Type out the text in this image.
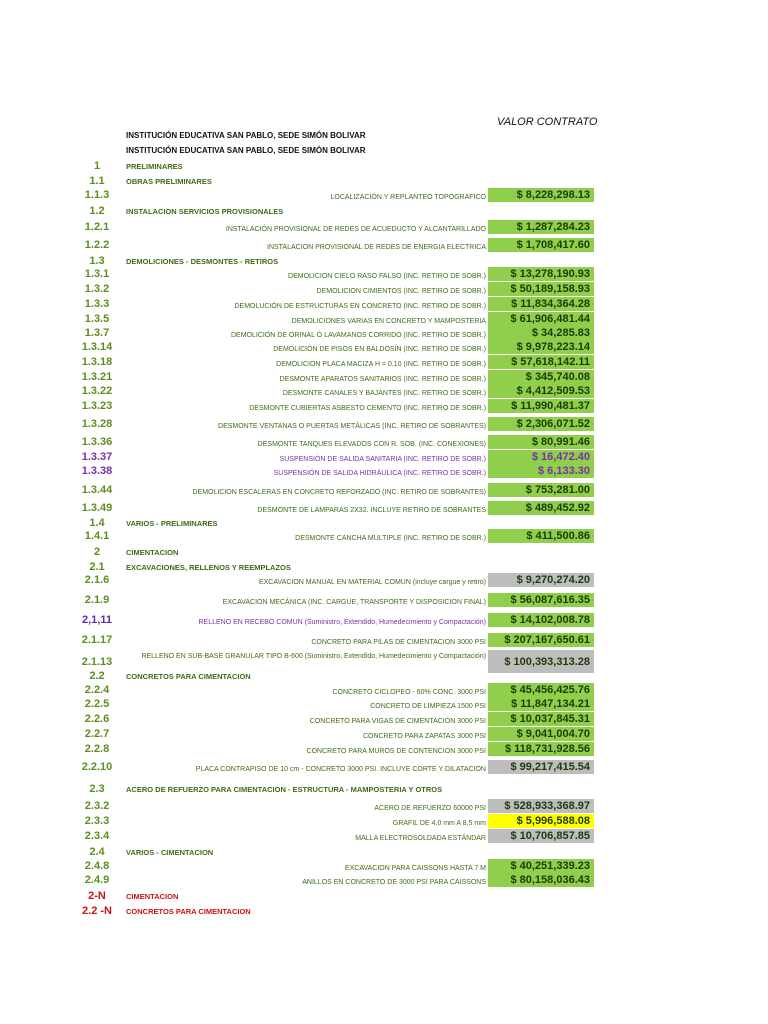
VALOR CONTRATO
INSTITUCIÓN EDUCATIVA SAN PABLO, SEDE SIMÓN BOLIVAR
INSTITUCIÓN EDUCATIVA SAN PABLO, SEDE SIMÓN BOLIVAR
1	PRELIMINARES
1.1	OBRAS PRELIMINARES
1.1.3	LOCALIZACIÓN Y REPLANTEO TOPOGRAFICO	$ 8,228,298.13
1.2	INSTALACION SERVICIOS PROVISIONALES
1.2.1	INSTALACIÓN PROVISIONAL DE REDES DE ACUEDUCTO Y ALCANTARILLADO	$ 1,287,284.23
1.2.2	INSTALACION PROVISIONAL DE REDES DE ENERGIA ELECTRICA	$ 1,708,417.60
1.3	DEMOLICIONES - DESMONTES - RETIROS
1.3.1	DEMOLICION CIELO RASO FALSO (INC. RETIRO DE SOBR.)	$ 13,278,190.93
1.3.2	DEMOLICION CIMIENTOS (INC. RETIRO DE SOBR.)	$ 50,189,158.93
1.3.3	DEMOLUCIÓN DE ESTRUCTURAS EN CONCRETO (INC. RETIRO DE SOBR.)	$ 11,834,364.28
1.3.5	DEMOLICIONES VARIAS EN CONCRETO Y MAMPOSTERIA	$ 61,906,481.44
1.3.7	DEMOLICIÓN DE ORINAL Ó LAVAMANOS CORRIDO (INC. RETIRO DE SOBR.)	$ 34,285.83
1.3.14	DEMOLICIÓN DE PISOS EN BALDOSÍN (INC. RETIRO DE SOBR.)	$ 9,978,223.14
1.3.18	DEMOLICION PLACA MACIZA H = 0.10 (INC. RETIRO DE SOBR.)	$ 57,618,142.11
1.3.21	DESMONTE APARATOS SANITARIOS (INC. RETIRO DE SOBR.)	$ 345,740.08
1.3.22	DESMONTE CANALES Y BAJANTES (INC. RETIRO DE SOBR.)	$ 4,412,509.53
1.3.23	DESMONTE CUBIERTAS ASBESTO CEMENTO (INC. RETIRO DE SOBR.)	$ 11,990,481.37
1.3.28	DESMONTE VENTANAS O PUERTAS METÁLICAS (INC. RETIRO DE SOBRANTES)	$ 2,306,071.52
1.3.36	DESMONTE TANQUES ELEVADOS CON R. SOB. (INC. CONEXIONES)	$ 80,991.46
1.3.37	SUSPENSIÓN DE SALIDA SANITARIA (INC. RETIRO DE SOBR.)	$ 16,472.40
1.3.38	SUSPENSIÓN DE SALIDA HIDRÁULICA (INC. RETIRO DE SOBR.)	$ 6,133.30
1.3.44	DEMOLICION ESCALERAS EN CONCRETO REFORZADO (INC. RETIRO DE SOBRANTES)	$ 753,281.00
1.3.49	DESMONTE DE LAMPARAS 2X32. INCLUYE RETIRO DE SOBRANTES	$ 489,452.92
1.4	VARIOS - PRELIMINARES
1.4.1	DESMONTE CANCHA MULTIPLE (INC. RETIRO DE SOBR.)	$ 411,500.86
2	CIMENTACION
2.1	EXCAVACIONES, RELLENOS Y REEMPLAZOS
2.1.6	EXCAVACION MANUAL EN MATERIAL COMUN (incluye cargue y retiro)	$ 9,270,274.20
2.1.9	EXCAVACION MECÁNICA (INC. CARGUE, TRANSPORTE Y DISPOSICION FINAL)	$ 56,087,616.35
2,1,11	RELLENO EN RECEBO COMUN (Suministro, Extendido, Humedecimiento y Compactación)	$ 14,102,008.78
2.1.17	CONCRETO PARA PILAS DE CIMENTACION 3000 PSI	$ 207,167,650.61
2.1.13	RELLENO EN SUB-BASE GRANULAR TIPO B-600 (Suministro, Extendido, Humedecimiento y Compactación)	$ 100,393,313.28
2.2	CONCRETOS PARA CIMENTACION
2.2.4	CONCRETO CICLOPEO - 60% CONC. 3000 PSI	$ 45,456,425.76
2.2.5	CONCRETO DE LIMPIEZA 1500 PSI	$ 11,847,134.21
2.2.6	CONCRETO PARA VIGAS DE CIMENTACIÓN 3000 PSI	$ 10,037,845.31
2.2.7	CONCRETO PARA ZAPATAS 3000 PSI	$ 9,041,004.70
2.2.8	CONCRETO PARA MUROS DE CONTENCION 3000 PSI	$ 118,731,928.56
2.2.10	PLACA CONTRAPISO DE 10 cm - CONCRETO 3000 PSI. INCLUYE CORTE Y DILATACION	$ 99,217,415.54
2.3	ACERO DE REFUERZO PARA CIMENTACION - ESTRUCTURA - MAMPOSTERIA Y OTROS
2.3.2	ACERO DE REFUERZO 60000 PSI	$ 528,933,368.97
2.3.3	GRAFIL DE 4,0 mm A 8,5 mm	$ 5,996,588.08
2.3.4	MALLA ELECTROSOLDADA ESTÁNDAR	$ 10,706,857.85
2.4	VARIOS - CIMENTACION
2.4.8	EXCAVACION PARA CAISSONS HASTA 7 M	$ 40,251,339.23
2.4.9	ANILLOS EN CONCRETO DE 3000 PSI PARA CAISSONS	$ 80,158,036.43
2-N	CIMENTACION
2.2 -N	CONCRETOS PARA CIMENTACION
